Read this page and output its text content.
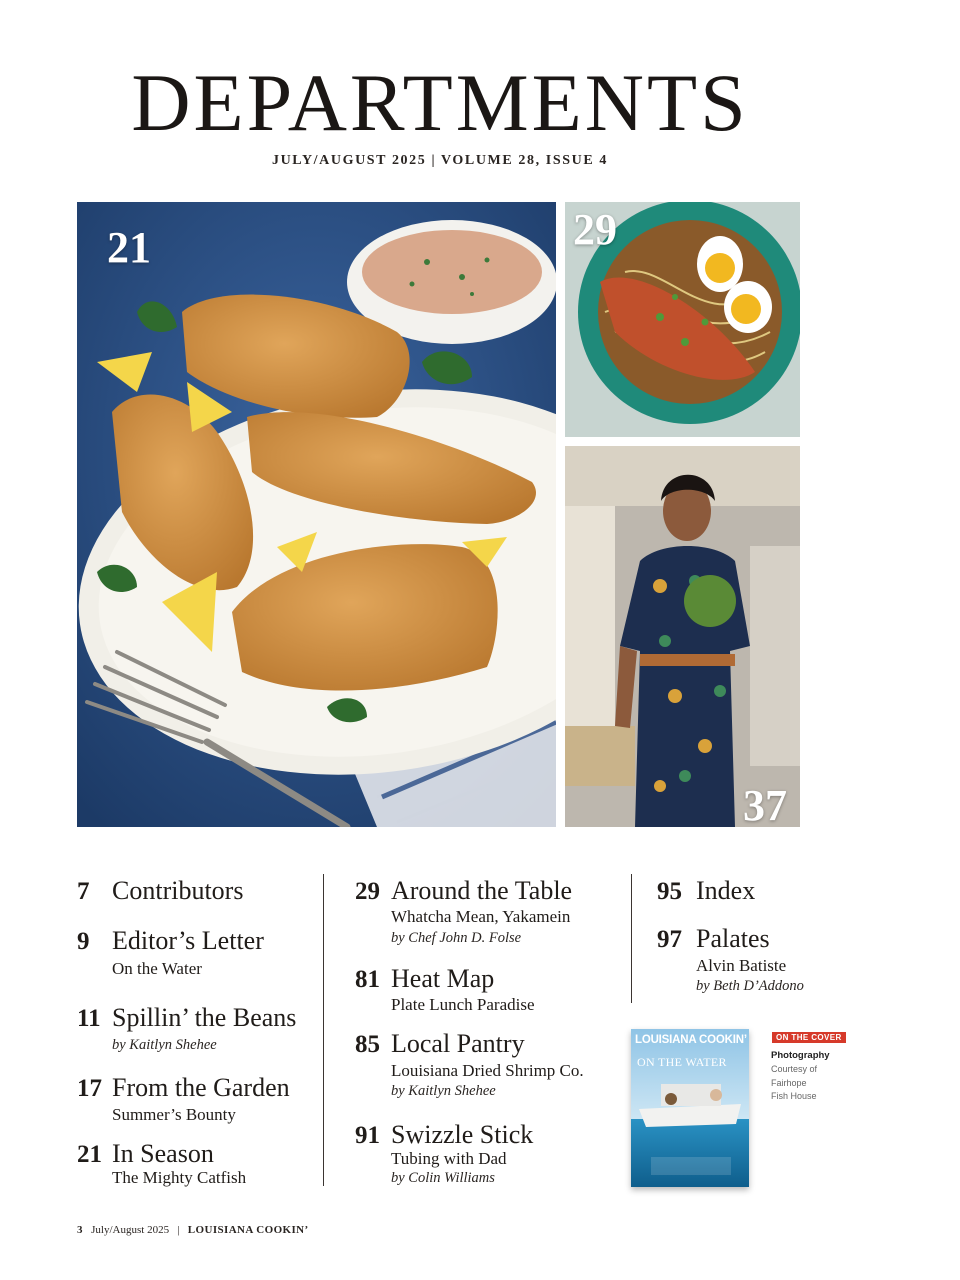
DEPARTMENTS
JULY/AUGUST 2025 | VOLUME 28, ISSUE 4
21	29
37
7 Contributors
9 Editor’s Letter
On the Water
11 Spillin’ the Beans
by Kaitlyn Shehee
17 From the Garden
Summer’s Bounty
21 In Season
The Mighty Catfish
29 Around the Table
Whatcha Mean, Yakamein
by Chef John D. Folse
81 Heat Map
Plate Lunch Paradise
85 Local Pantry
Louisiana Dried Shrimp Co.
by Kaitlyn Shehee
91 Swizzle Stick
Tubing with Dad
by Colin Williams
95 Index
97 Palates
Alvin Batiste
by Beth D’Addono
LOUISIANA COOKIN’
ON THE WATER
ON THE COVER
Photography
Courtesy of
Fairhope
Fish House
3 July/August 2025 | LOUISIANA COOKIN’
